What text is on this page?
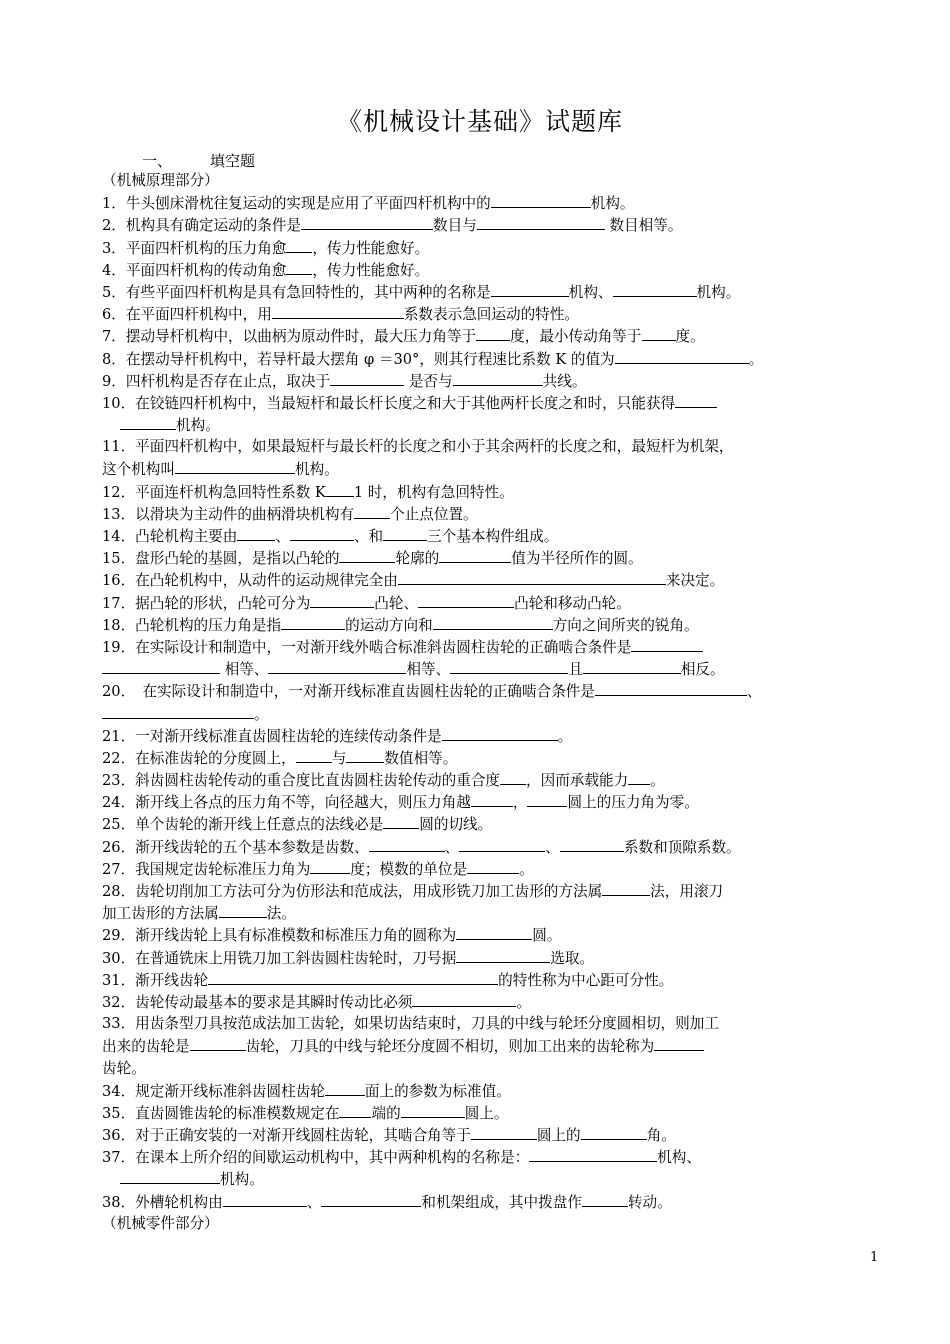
《机械设计基础》试题库
一、	填空题
（机械原理部分）
1．牛头刨床滑枕往复运动的实现是应用了平面四杆机构中的	机构。
2．机构具有确定运动的条件是	数目与	数目相等。
3．平面四杆机构的压力角愈 ，传力性能愈好。
4．平面四杆机构的传动角愈 ，传力性能愈好。
5．有些平面四杆机构是具有急回特性的，其中两种的名称是	机构、	机构。
6．在平面四杆机构中，用	系数表示急回运动的特性。
7．摆动导杆机构中，以曲柄为原动件时，最大压力角等于 度，最小传动角等于 度。
8．在摆动导杆机构中，若导杆最大摆角 φ ＝30°，则其行程速比系数 K 的值为	。
9．四杆机构是否存在止点，取决于	是否与	共线。
10．在铰链四杆机构中，当最短杆和最长杆长度之和大于其他两杆长度之和时，只能获得
机构。
11．平面四杆机构中，如果最短杆与最长杆的长度之和小于其余两杆的长度之和，最短杆为机架，
这个机构叫	机构。
12．平面连杆机构急回特性系数 K 1 时，机构有急回特性。
13．以滑块为主动件的曲柄滑块机构有 个止点位置。
14．凸轮机构主要由	、	、和	三个基本构件组成。
15．盘形凸轮的基圆，是指以凸轮的	轮廓的	值为半径所作的圆。
16．在凸轮机构中，从动件的运动规律完全由	来决定。
17．据凸轮的形状，凸轮可分为	凸轮、	凸轮和移动凸轮。
18．凸轮机构的压力角是指	的运动方向和	方向之间所夹的锐角。
19．在实际设计和制造中，一对渐开线外啮合标准斜齿圆柱齿轮的正确啮合条件是
相等、	相等、	且	相反。
20．　在实际设计和制造中，一对渐开线标准直齿圆柱齿轮的正确啮合条件是	、
。
21．一对渐开线标准直齿圆柱齿轮的连续传动条件是	。
22．在标准齿轮的分度圆上， 与	数值相等。
23．斜齿圆柱齿轮传动的重合度比直齿圆柱齿轮传动的重合度 ，因而承载能力 。
24．渐开线上各点的压力角不等，向径越大，则压力角越	，	圆上的压力角为零。
25．单个齿轮的渐开线上任意点的法线必是 圆的切线。
26．渐开线齿轮的五个基本参数是齿数、	、	、	系数和顶隙系数。
27．我国规定齿轮标准压力角为	度；模数的单位是	。
28．齿轮切削加工方法可分为仿形法和范成法，用成形铣刀加工齿形的方法属	法，用滚刀
加工齿形的方法属	法。
29．渐开线齿轮上具有标准模数和标准压力角的圆称为	圆。
30．在普通铣床上用铣刀加工斜齿圆柱齿轮时，刀号据	选取。
31．渐开线齿轮	的特性称为中心距可分性。
32．齿轮传动最基本的要求是其瞬时传动比必须	。
33．用齿条型刀具按范成法加工齿轮，如果切齿结束时，刀具的中线与轮坯分度圆相切，则加工
出来的齿轮是	齿轮，刀具的中线与轮坯分度圆不相切，则加工出来的齿轮称为
齿轮。
34．规定渐开线标准斜齿圆柱齿轮	面上的参数为标准值。
35．直齿圆锥齿轮的标准模数规定在 端的	圆上。
36．对于正确安装的一对渐开线圆柱齿轮，其啮合角等于	圆上的	角。
37．在课本上所介绍的间歇运动机构中，其中两种机构的名称是：	机构、
机构。
38．外槽轮机构由	、	和机架组成，其中拨盘作	转动。
（机械零件部分）
1
